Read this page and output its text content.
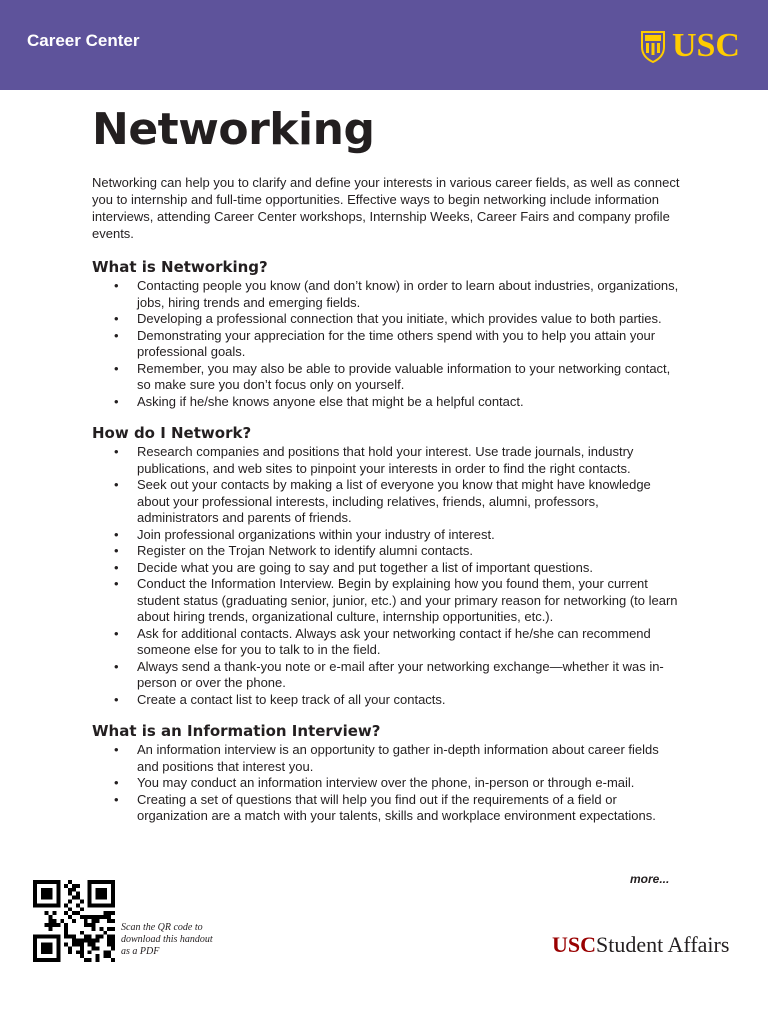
Career Center	USC
Networking

Networking can help you to clarify and define your interests in various career fields, as well as connect you to internship and full-time opportunities. Effective ways to begin networking include information interviews, attending Career Center workshops, Internship Weeks, Career Fairs and company profile events.

What is Networking?
• Contacting people you know (and don’t know) in order to learn about industries, organizations, jobs, hiring trends and emerging fields.
• Developing a professional connection that you initiate, which provides value to both parties.
• Demonstrating your appreciation for the time others spend with you to help you attain your professional goals.
• Remember, you may also be able to provide valuable information to your networking contact, so make sure you don’t focus only on yourself.
• Asking if he/she knows anyone else that might be a helpful contact.
How do I Network?
• Research companies and positions that hold your interest. Use trade journals, industry publications, and web sites to pinpoint your interests in order to find the right contacts.
• Seek out your contacts by making a list of everyone you know that might have knowledge about your professional interests, including relatives, friends, alumni, professors, administrators and parents of friends.
• Join professional organizations within your industry of interest.
• Register on the Trojan Network to identify alumni contacts.
• Decide what you are going to say and put together a list of important questions.
• Conduct the Information Interview. Begin by explaining how you found them, your current student status (graduating senior, junior, etc.) and your primary reason for networking (to learn about hiring trends, organizational culture, internship opportunities, etc.).
• Ask for additional contacts. Always ask your networking contact if he/she can recommend someone else for you to talk to in the field.
• Always send a thank-you note or e-mail after your networking exchange—whether it was in-person or over the phone.
• Create a contact list to keep track of all your contacts.
What is an Information Interview?
• An information interview is an opportunity to gather in-depth information about career fields and positions that interest you.
• You may conduct an information interview over the phone, in-person or through e-mail.
• Creating a set of questions that will help you find out if the requirements of a field or organization are a match with your talents, skills and workplace environment expectations.
more...
Scan the QR code to download this handout as a PDF	USCStudent Affairs
